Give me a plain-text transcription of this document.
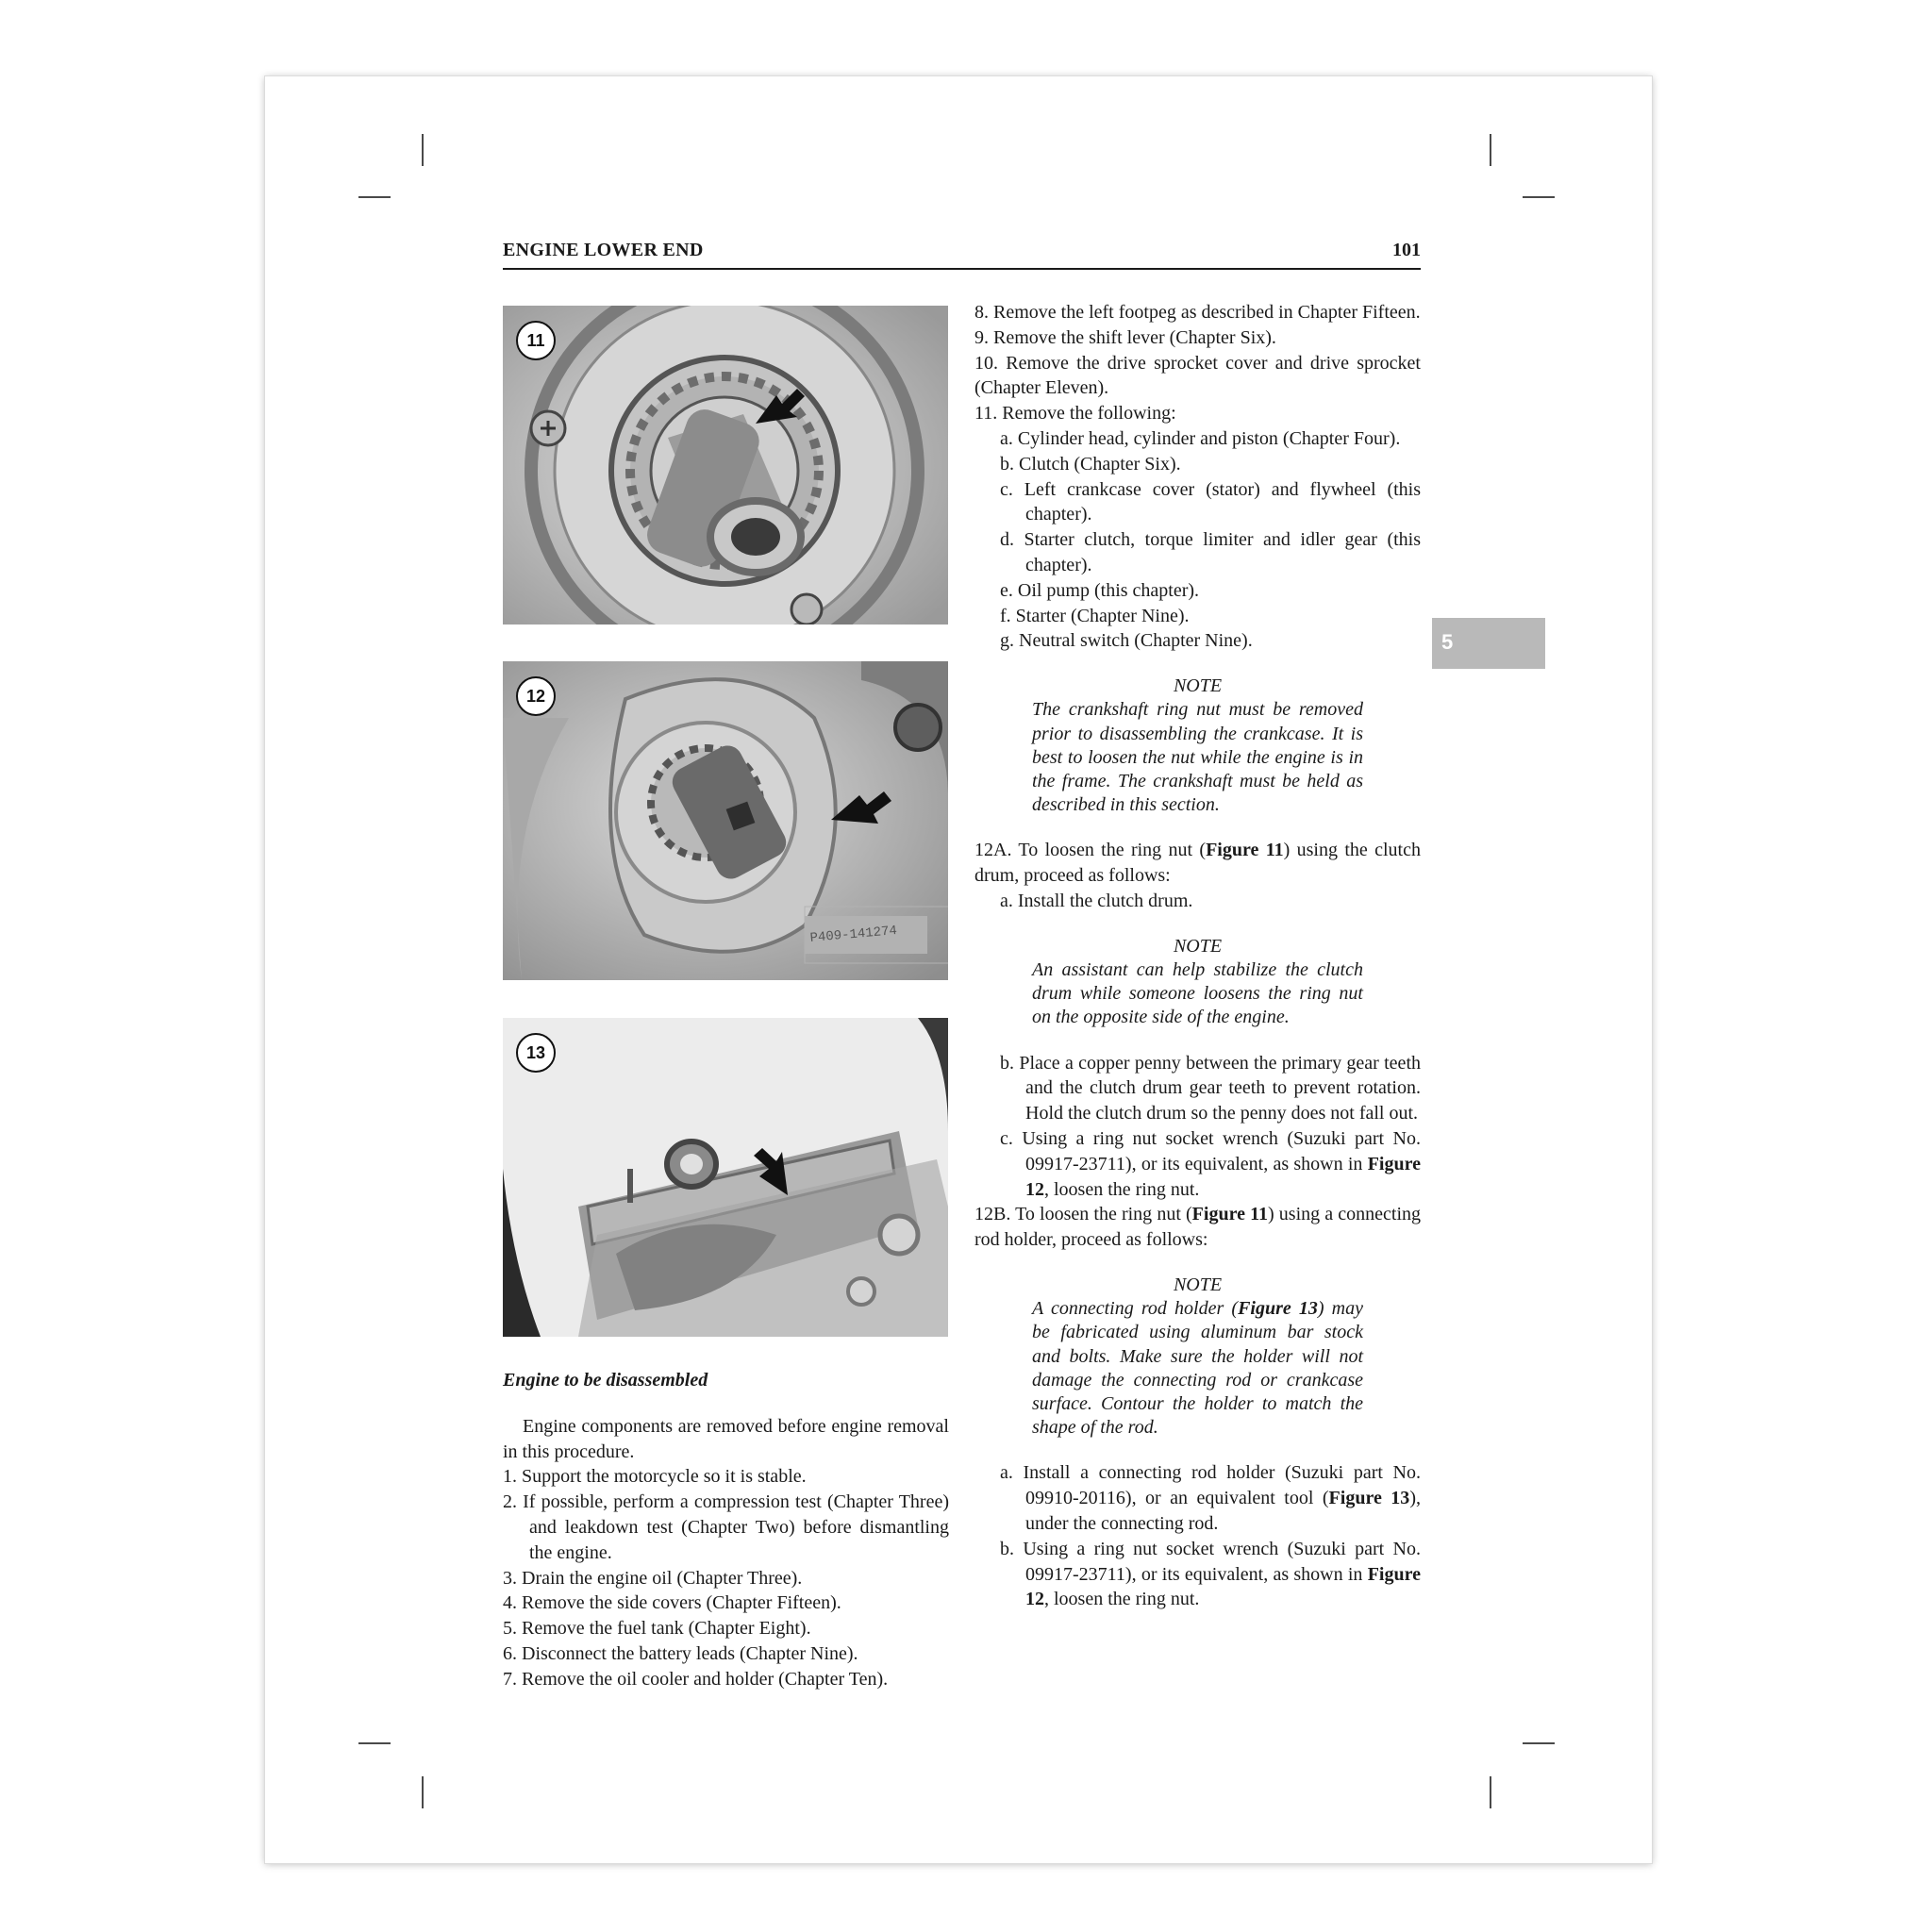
ENGINE LOWER END	101
5
11
P409-141274
12
13

Engine to be disassembled

Engine components are removed before engine removal in this procedure.

1. Support the motorcycle so it is stable.

2. If possible, perform a compression test (Chapter Three) and leakdown test (Chapter Two) before dismantling the engine.

3. Drain the engine oil (Chapter Three).

4. Remove the side covers (Chapter Fifteen).

5. Remove the fuel tank (Chapter Eight).

6. Disconnect the battery leads (Chapter Nine).

7. Remove the oil cooler and holder (Chapter Ten).

8. Remove the left footpeg as described in Chapter Fifteen.

9. Remove the shift lever (Chapter Six).

10. Remove the drive sprocket cover and drive sprocket (Chapter Eleven).

11. Remove the following:

a. Cylinder head, cylinder and piston (Chapter Four).

b. Clutch (Chapter Six).

c. Left crankcase cover (stator) and flywheel (this chapter).

d. Starter clutch, torque limiter and idler gear (this chapter).

e. Oil pump (this chapter).

f. Starter (Chapter Nine).

g. Neutral switch (Chapter Nine).

NOTE

The crankshaft ring nut must be removed prior to disassembling the crankcase. It is best to loosen the nut while the engine is in the frame. The crankshaft must be held as described in this section.

12A. To loosen the ring nut (Figure 11) using the clutch drum, proceed as follows:

a. Install the clutch drum.

NOTE

An assistant can help stabilize the clutch drum while someone loosens the ring nut on the opposite side of the engine.

b. Place a copper penny between the primary gear teeth and the clutch drum gear teeth to prevent rotation. Hold the clutch drum so the penny does not fall out.

c. Using a ring nut socket wrench (Suzuki part No. 09917-23711), or its equivalent, as shown in Figure 12, loosen the ring nut.

12B. To loosen the ring nut (Figure 11) using a connecting rod holder, proceed as follows:

NOTE

A connecting rod holder (Figure 13) may be fabricated using aluminum bar stock and bolts. Make sure the holder will not damage the connecting rod or crankcase surface. Contour the holder to match the shape of the rod.

a. Install a connecting rod holder (Suzuki part No. 09910-20116), or an equivalent tool (Figure 13), under the connecting rod.

b. Using a ring nut socket wrench (Suzuki part No. 09917-23711), or its equivalent, as shown in Figure 12, loosen the ring nut.
